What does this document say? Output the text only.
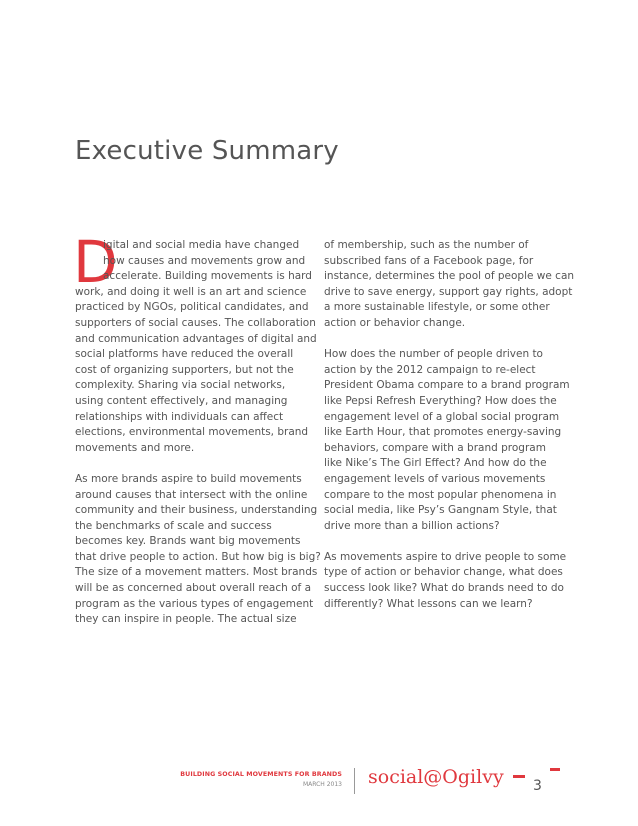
Executive Summary
D
igital and social media have changed
how causes and movements grow and
accelerate. Building movements is hard
work, and doing it well is an art and science
practiced by NGOs, political candidates, and
supporters of social causes. The collaboration
and communication advantages of digital and
social platforms have reduced the overall
cost of organizing supporters, but not the
complexity. Sharing via social networks,
using content effectively, and managing
relationships with individuals can affect
elections, environmental movements, brand
movements and more.
As more brands aspire to build movements
around causes that intersect with the online
community and their business, understanding
the benchmarks of scale and success
becomes key. Brands want big movements
that drive people to action. But how big is big?
The size of a movement matters. Most brands
will be as concerned about overall reach of a
program as the various types of engagement
they can inspire in people. The actual size
of membership, such as the number of
subscribed fans of a Facebook page, for
instance, determines the pool of people we can
drive to save energy, support gay rights, adopt
a more sustainable lifestyle, or some other
action or behavior change.
How does the number of people driven to
action by the 2012 campaign to re-elect
President Obama compare to a brand program
like Pepsi Refresh Everything? How does the
engagement level of a global social program
like Earth Hour, that promotes energy-saving
behaviors, compare with a brand program
like Nike’s The Girl Effect? And how do the
engagement levels of various movements
compare to the most popular phenomena in
social media, like Psy’s Gangnam Style, that
drive more than a billion actions?
As movements aspire to drive people to some
type of action or behavior change, what does
success look like? What do brands need to do
differently? What lessons can we learn?
BUILDING SOCIAL MOVEMENTS FOR BRANDS
MARCH 2013 social@Ogilvy 3
